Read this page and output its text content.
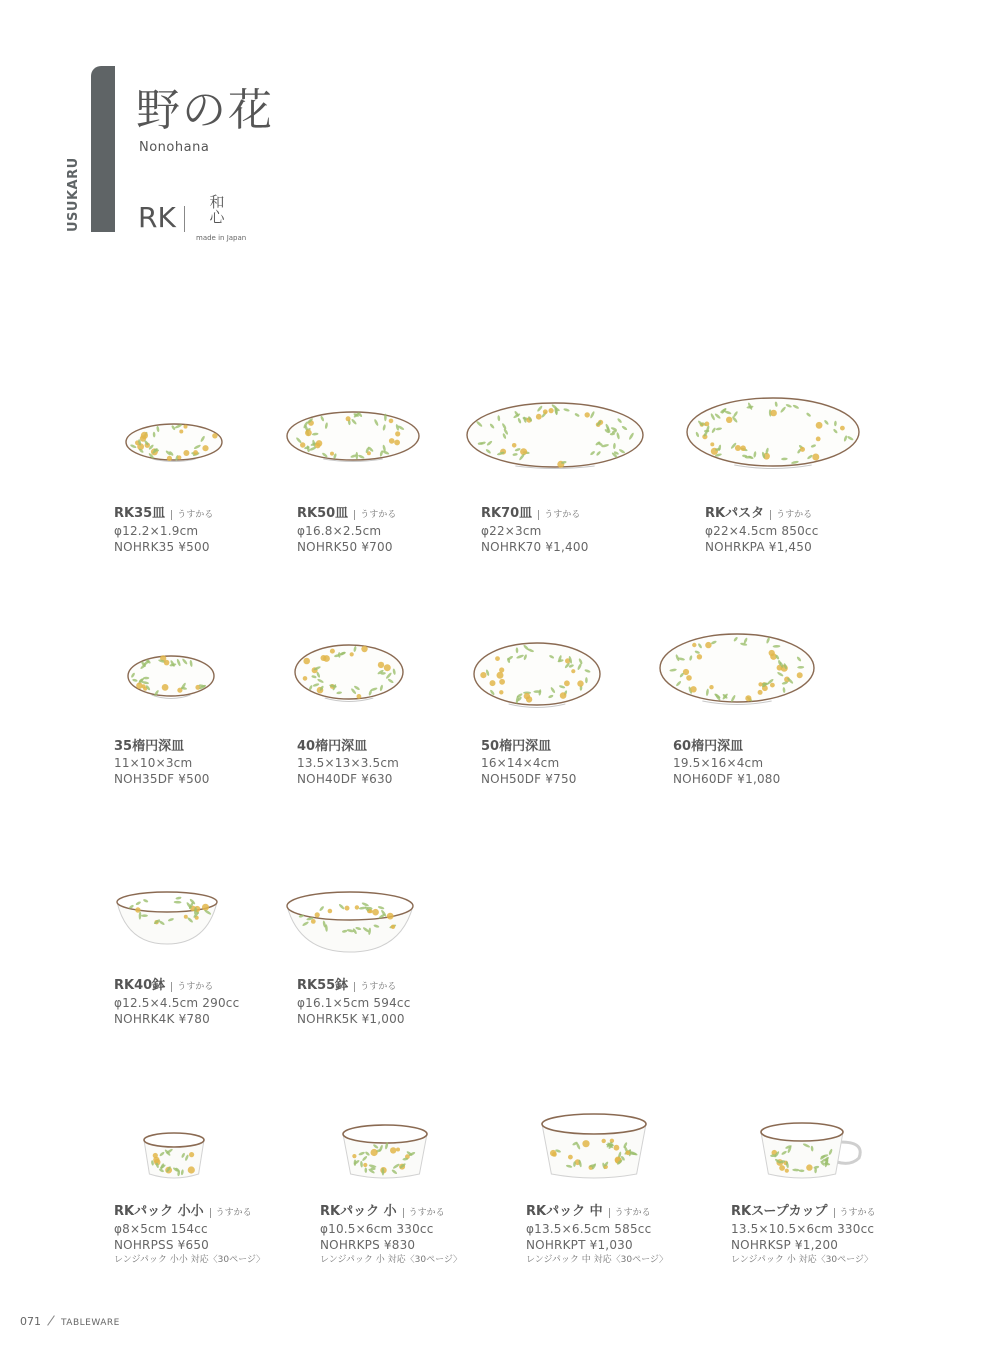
USUKARU
野の花
Nonohana
RK 和心
made in Japan
RK35皿 うすかる
φ12.2×1.9cm
NOHRK35 ¥500
RK50皿 うすかる
φ16.8×2.5cm
NOHRK50 ¥700
RK70皿 うすかる
φ22×3cm
NOHRK70 ¥1,400
RKパスタ うすかる
φ22×4.5cm 850cc
NOHRKPA ¥1,450
35楕円深皿
11×10×3cm
NOH35DF ¥500
40楕円深皿
13.5×13×3.5cm
NOH40DF ¥630
50楕円深皿
16×14×4cm
NOH50DF ¥750
60楕円深皿
19.5×16×4cm
NOH60DF ¥1,080
RK40鉢 うすかる
φ12.5×4.5cm 290cc
NOHRK4K ¥780
RK55鉢 うすかる
φ16.1×5cm 594cc
NOHRK5K ¥1,000
RKパック 小小 うすかる
φ8×5cm 154cc
NOHRPSS ¥650
レンジパック 小小 対応〈30ページ〉
RKパック 小 うすかる
φ10.5×6cm 330cc
NOHRKPS ¥830
レンジパック 小 対応〈30ページ〉
RKパック 中 うすかる
φ13.5×6.5cm 585cc
NOHRKPT ¥1,030
レンジパック 中 対応〈30ページ〉
RKスープカップ うすかる
13.5×10.5×6cm 330cc
NOHRKSP ¥1,200
レンジパック 小 対応〈30ページ〉
071 TABLEWARE
